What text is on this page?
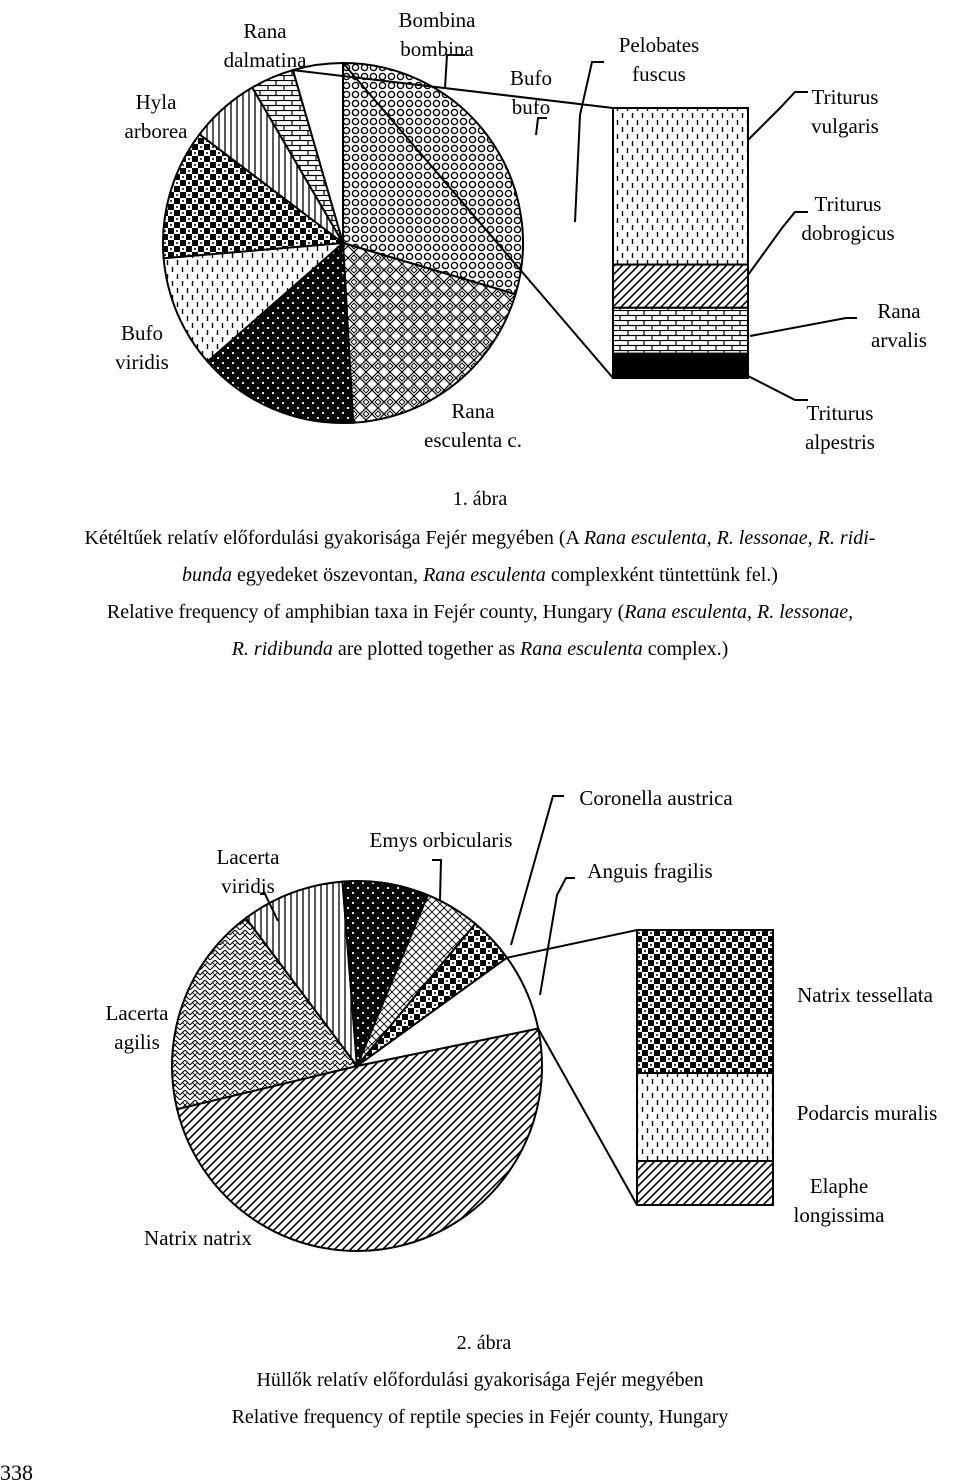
Rana esculenta c.
Bufo viridis
Hyla arborea
Rana dalmatina
Bombina bombina
Bufo bufo
Pelobates fuscus
Triturus dobrogicus
Rana arvalis
Triturus alpestris
Triturus vulgaris
Natrix natrix
Lacerta agilis
Lacerta viridis
Emys orbicularis
Coronella austrica
Anguis fragilis
Natrix tessellata
Podarcis muralis
Elaphe longissima
1. ábra
Kétéltűek relatív előfordulási gyakorisága Fejér megyében (A Rana esculenta, R. lessonae, R. ridi-
bunda egyedeket öszevontan, Rana esculenta complexként tüntettünk fel.)
Relative frequency of amphibian taxa in Fejér county, Hungary (Rana esculenta, R. lessonae,
R. ridibunda are plotted together as Rana esculenta complex.)
2. ábra
Hüllők relatív előfordulási gyakorisága Fejér megyében
Relative frequency of reptile species in Fejér county, Hungary
338
